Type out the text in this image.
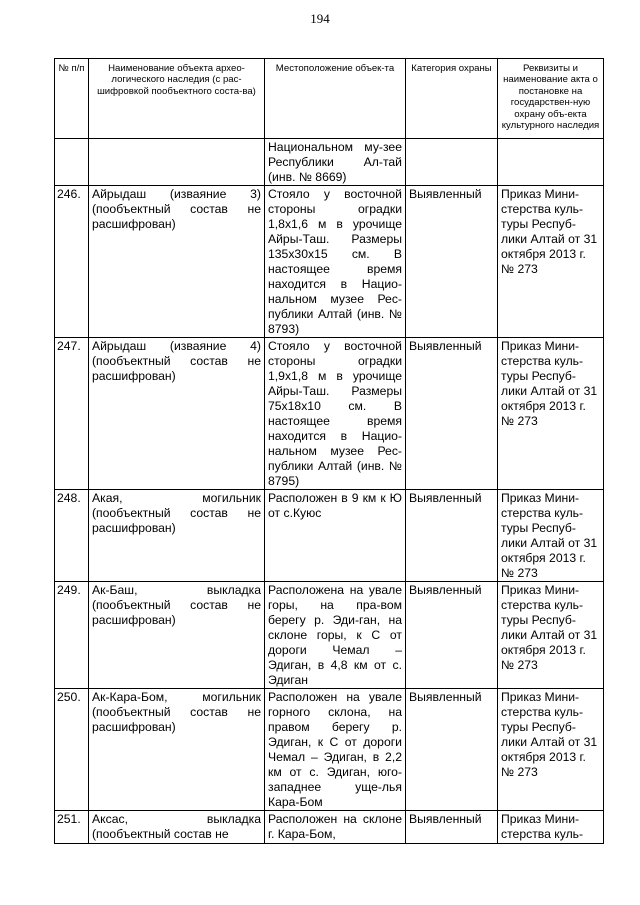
194
№ п/п	Наименование объекта архео-логического наследия (с рас-шифровкой пообъектного соста-ва)	Местоположение объек-та	Категория охраны	Реквизиты и наименование акта о постановке на государствен-ную охрану объ-екта культурного наследия
		Национальном му-зее Республики Ал-тай (инв. № 8669)		
246.	Айрыдаш (изваяние 3) (пообъектный состав не расшифрован)	Стояло у восточной стороны оградки 1,8х1,6 м в урочище Айры-Таш. Размеры 135х30х15 см. В настоящее время находится в Нацио-нальном музее Рес-публики Алтай (инв. № 8793)	Выявленный	Приказ Мини-стерства куль-туры Респуб-лики Алтай от 31 октября 2013 г. № 273
247.	Айрыдаш (изваяние 4) (пообъектный состав не расшифрован)	Стояло у восточной стороны оградки 1,9х1,8 м в урочище Айры-Таш. Размеры 75х18х10 см. В настоящее время находится в Нацио-нальном музее Рес-публики Алтай (инв. № 8795)	Выявленный	Приказ Мини-стерства куль-туры Респуб-лики Алтай от 31 октября 2013 г. № 273
248.	Акая, могильник (пообъектный состав не расшифрован)	Расположен в 9 км к Ю от с.Куюс	Выявленный	Приказ Мини-стерства куль-туры Респуб-лики Алтай от 31 октября 2013 г. № 273
249.	Ак-Баш, выкладка (пообъектный состав не расшифрован)	Расположена на увале горы, на пра-вом берегу р. Эди-ган, на склоне горы, к С от дороги Чемал – Эдиган, в 4,8 км от с. Эдиган	Выявленный	Приказ Мини-стерства куль-туры Респуб-лики Алтай от 31 октября 2013 г. № 273
250.	Ак-Кара-Бом, могильник (пообъектный состав не расшифрован)	Расположен на увале горного склона, на правом берегу р. Эдиган, к С от дороги Чемал – Эдиган, в 2,2 км от с. Эдиган, юго-западнее уще-лья Кара-Бом	Выявленный	Приказ Мини-стерства куль-туры Респуб-лики Алтай от 31 октября 2013 г. № 273

251.	Аксас, выкладка (пообъектный состав не	Расположен на склоне г. Кара-Бом,	Выявленный	Приказ Мини-стерства куль-
